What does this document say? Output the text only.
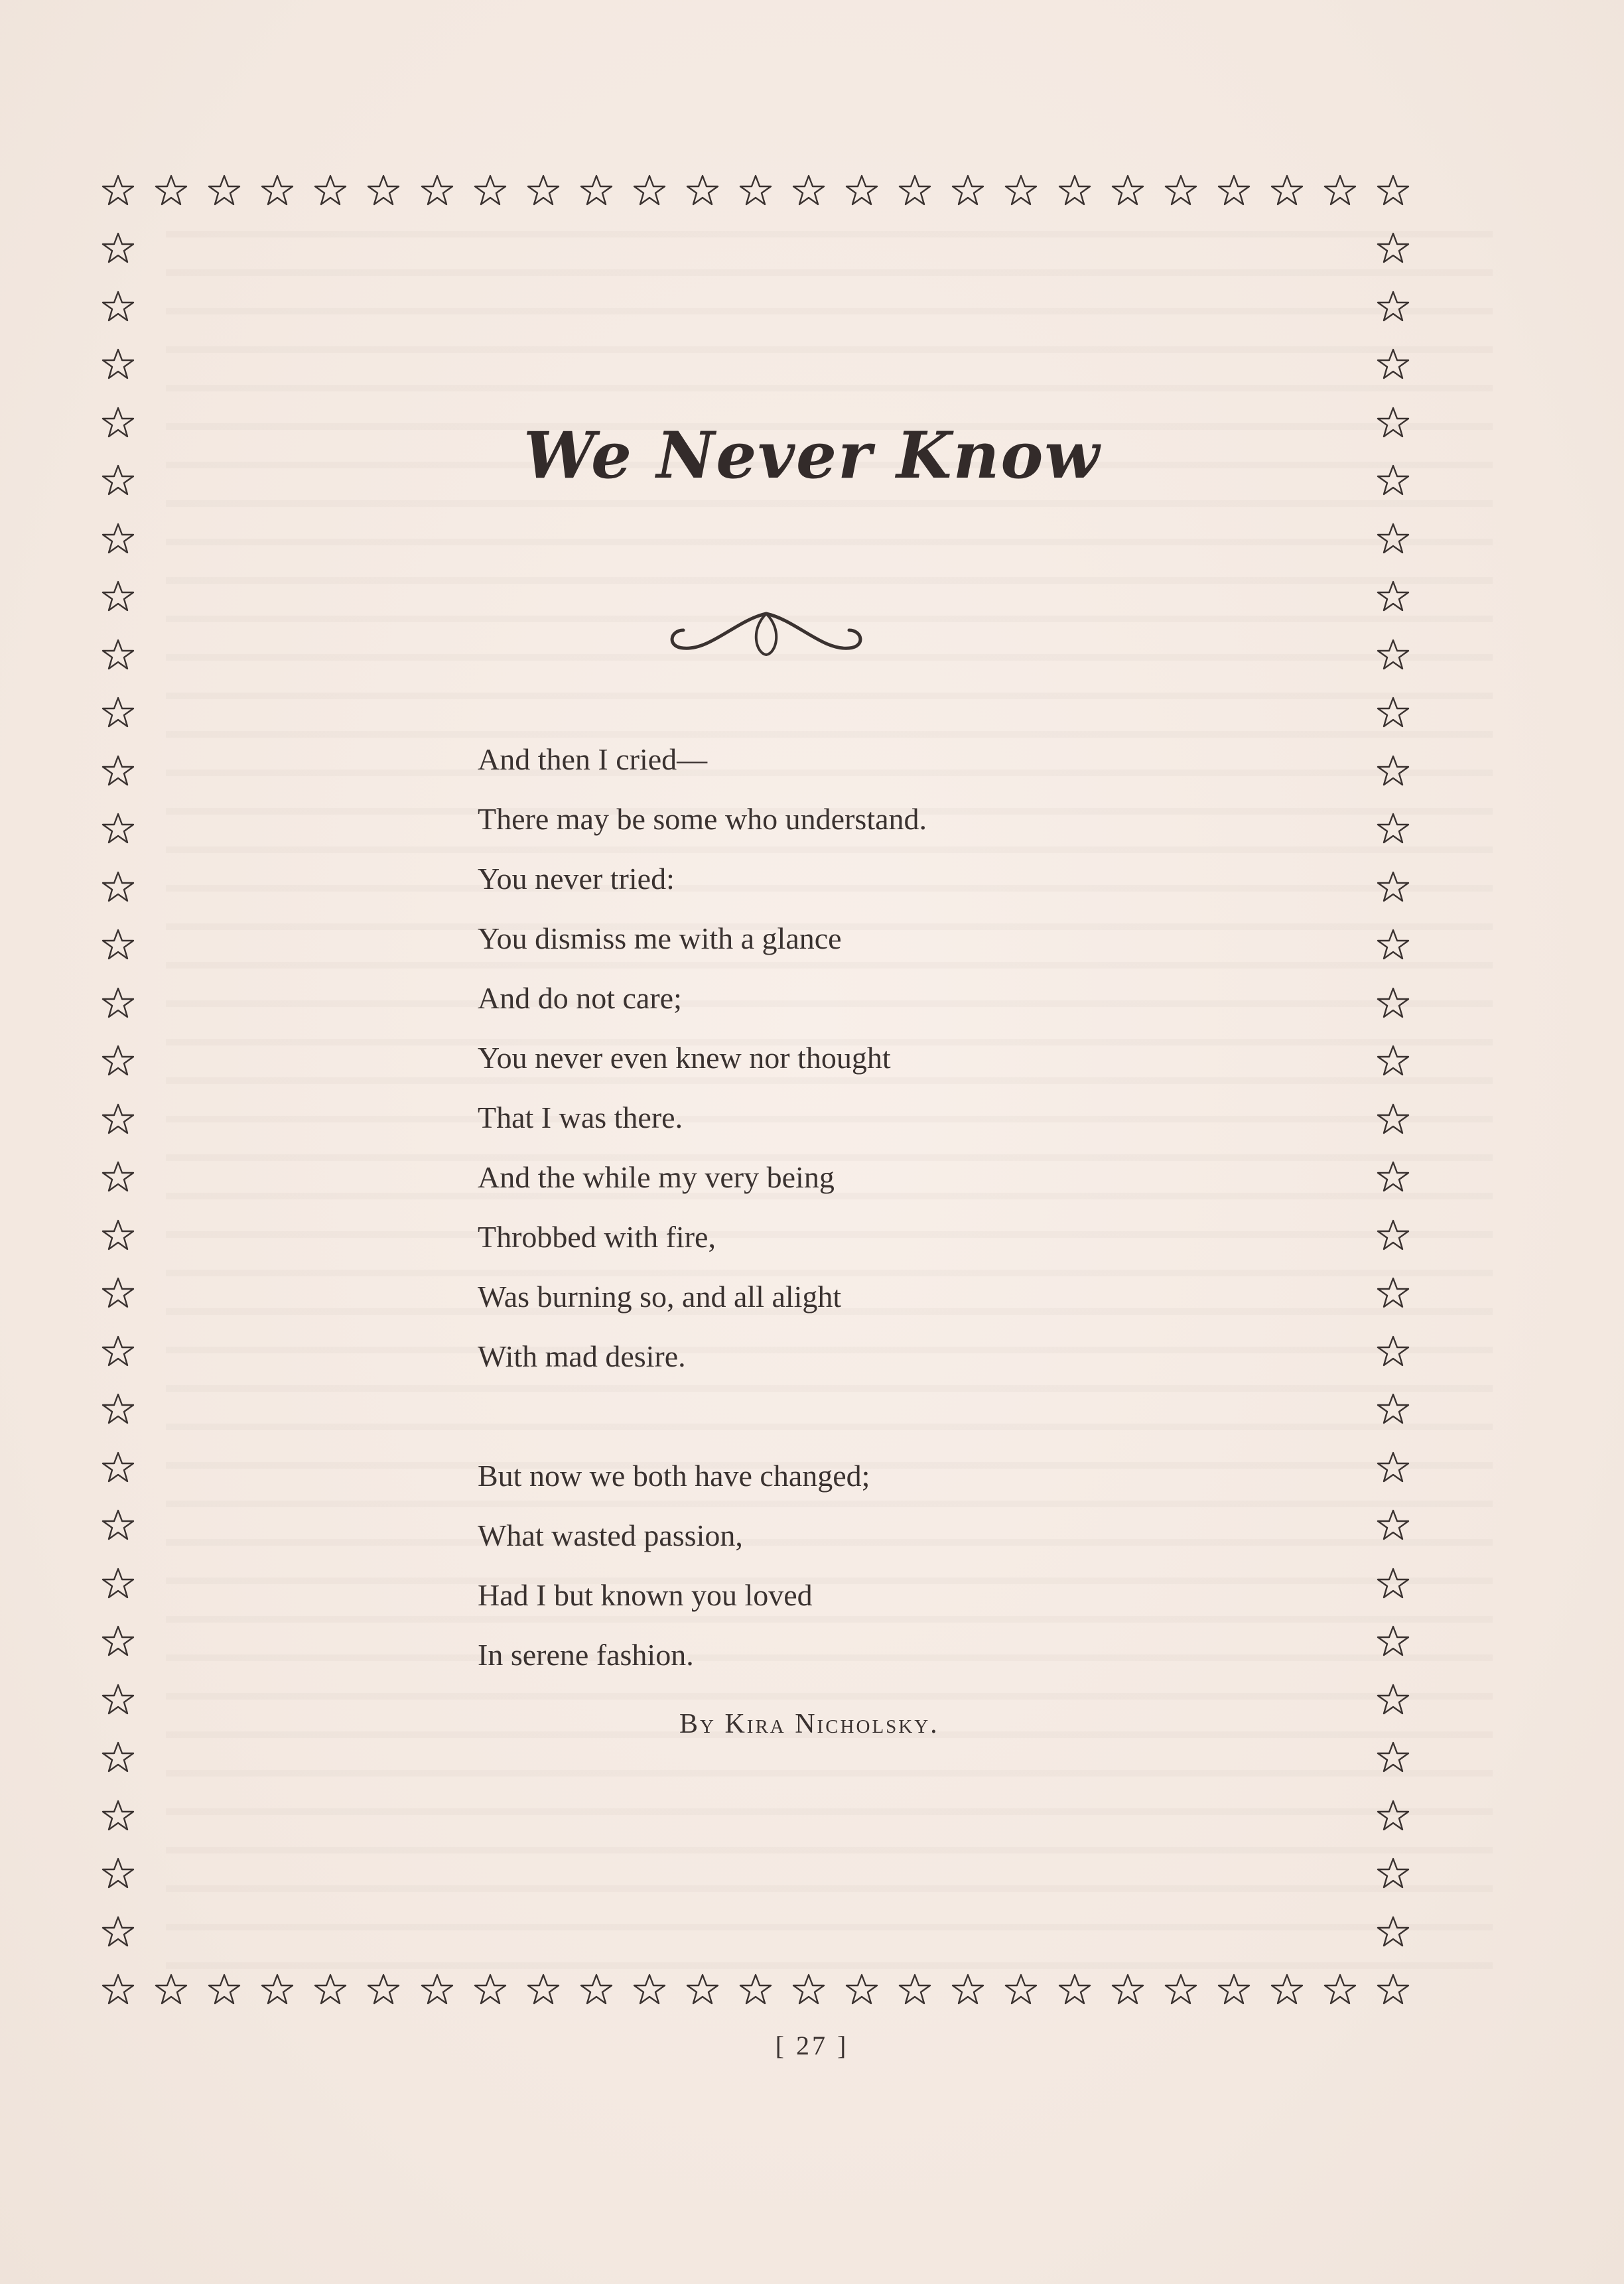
We Never Know
And then I cried—
There may be some who understand.
You never tried:
You dismiss me with a glance
And do not care;
You never even knew nor thought
That I was there.
And the while my very being
Throbbed with fire,
Was burning so, and all alight
With mad desire.
But now we both have changed;
What wasted passion,
Had I but known you loved
In serene fashion.
By Kira Nicholsky.
[ 27 ]
